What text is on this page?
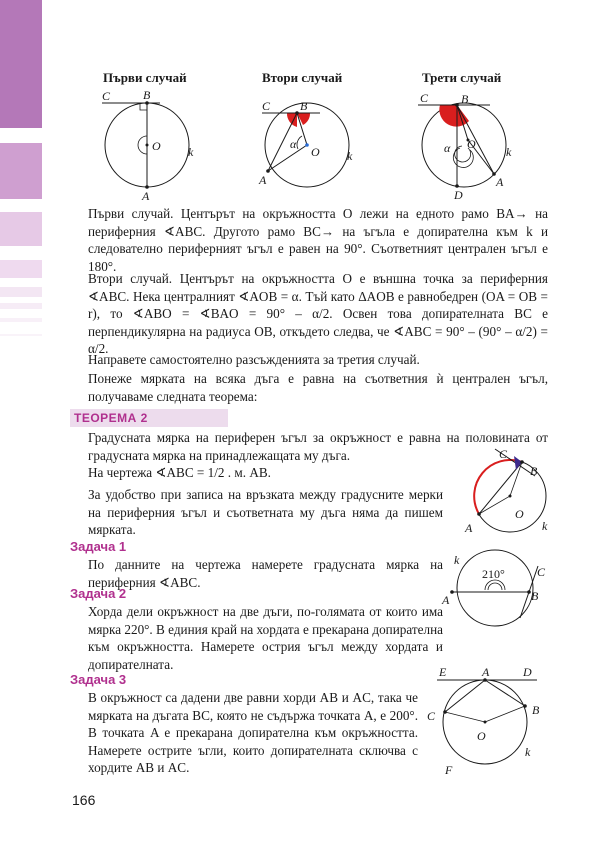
Първи случай	Втори случай	Трети случай
C	B
O k
A
C B
α
O k
A
C	B
α O
k
D
A

Първи случай. Центърът на окръжността O лежи на едното рамо BA→ на периферния ∢ABC. Другото рамо BC→ на ъгъла е допирателна към k и следователно периферният ъгъл е равен на 90°. Съответният централен ъгъл е 180°.

Втори случай. Центърът на окръжността O е външна точка за периферния ∢ABC. Нека централният ∢AOB = α. Тъй като ΔAOB е равнобедрен (OA = OB = r), то ∢ABO = ∢BAO = 90° – α/2. Освен това допирателната BC е перпендикулярна на радиуса OB, откъдето следва, че ∢ABC = 90° – (90° – α/2) = α/2.

Направете самостоятелно разсъжденията за третия случай.

Понеже мярката на всяка дъга е равна на съответния ѝ централен ъгъл, получаваме следната теорема:

ТЕОРЕМА 2

Градусната мярка на периферен ъгъл за окръжност е равна на половината от градусната мярка на принадлежащата му дъга.

На чертежа ∢ABC = 1/2 . м. AB.

За удобство при записа на връзката между градусните мерки на периферния ъгъл и съответната му дъга няма да пишем мярката.

C
B
O
A	k
Задача 1

По данните на чертежа намерете градусната мярка на периферния ∢ABC.

k
C
210°
A	B
Задача 2

Хорда дели окръжност на две дъги, по-голямата от които има мярка 220°. В единия край на хордата е прекарана допирателна към окръжността. Намерете острия ъгъл между хордата и допирателната.

Задача 3

В окръжност са дадени две равни хорди AB и AC, така че мярката на дъгата BC, която не съдържа точката A, е 200°. В точката A е прекарана допирателна към окръжността. Намерете острите ъгли, които допирателната сключва с хордите AB и AC.

E	A	D
B
C
O
k
F
166
